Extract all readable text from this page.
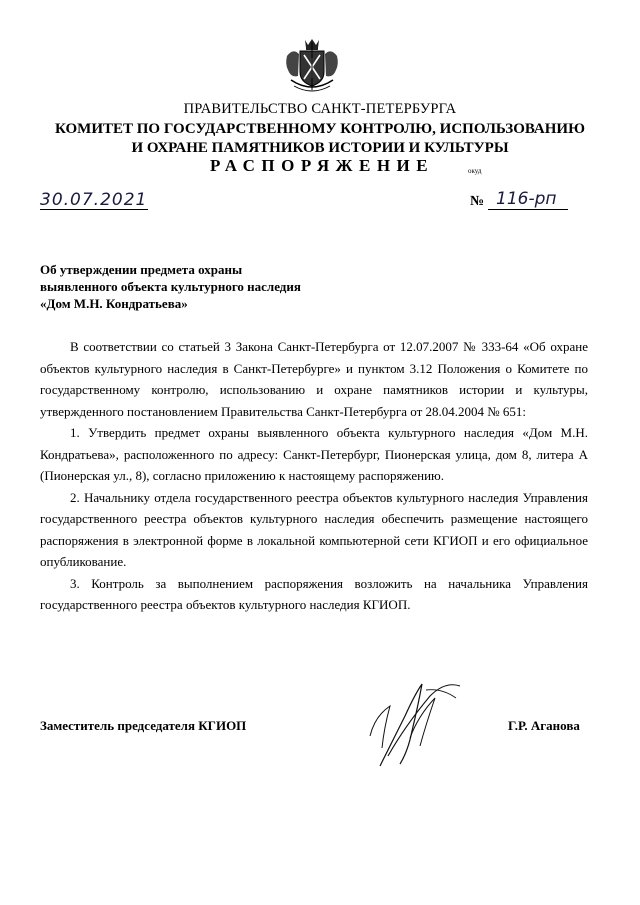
ПРАВИТЕЛЬСТВО САНКТ-ПЕТЕРБУРГА
КОМИТЕТ ПО ГОСУДАРСТВЕННОМУ КОНТРОЛЮ, ИСПОЛЬЗОВАНИЮ
И ОХРАНЕ ПАМЯТНИКОВ ИСТОРИИ И КУЛЬТУРЫ
РАСПОРЯЖЕНИЕ	окуд
30.07.2021	№ 116-рп
Об утверждении предмета охраны
выявленного объекта культурного наследия
«Дом М.Н. Кондратьева»

В соответствии со статьей 3 Закона Санкт-Петербурга от 12.07.2007 № 333-64 «Об охране объектов культурного наследия в Санкт-Петербурге» и пунктом 3.12 Положения о Комитете по государственному контролю, использованию и охране памятников истории и культуры, утвержденного постановлением Правительства Санкт-Петербурга от 28.04.2004 № 651:

1. Утвердить предмет охраны выявленного объекта культурного наследия «Дом М.Н. Кондратьева», расположенного по адресу: Санкт-Петербург, Пионерская улица, дом 8, литера А (Пионерская ул., 8), согласно приложению к настоящему распоряжению.

2. Начальнику отдела государственного реестра объектов культурного наследия Управления государственного реестра объектов культурного наследия обеспечить размещение настоящего распоряжения в электронной форме в локальной компьютерной сети КГИОП и его официальное опубликование.

3. Контроль за выполнением распоряжения возложить на начальника Управления государственного реестра объектов культурного наследия КГИОП.

Заместитель председателя КГИОП	Г.Р. Аганова
